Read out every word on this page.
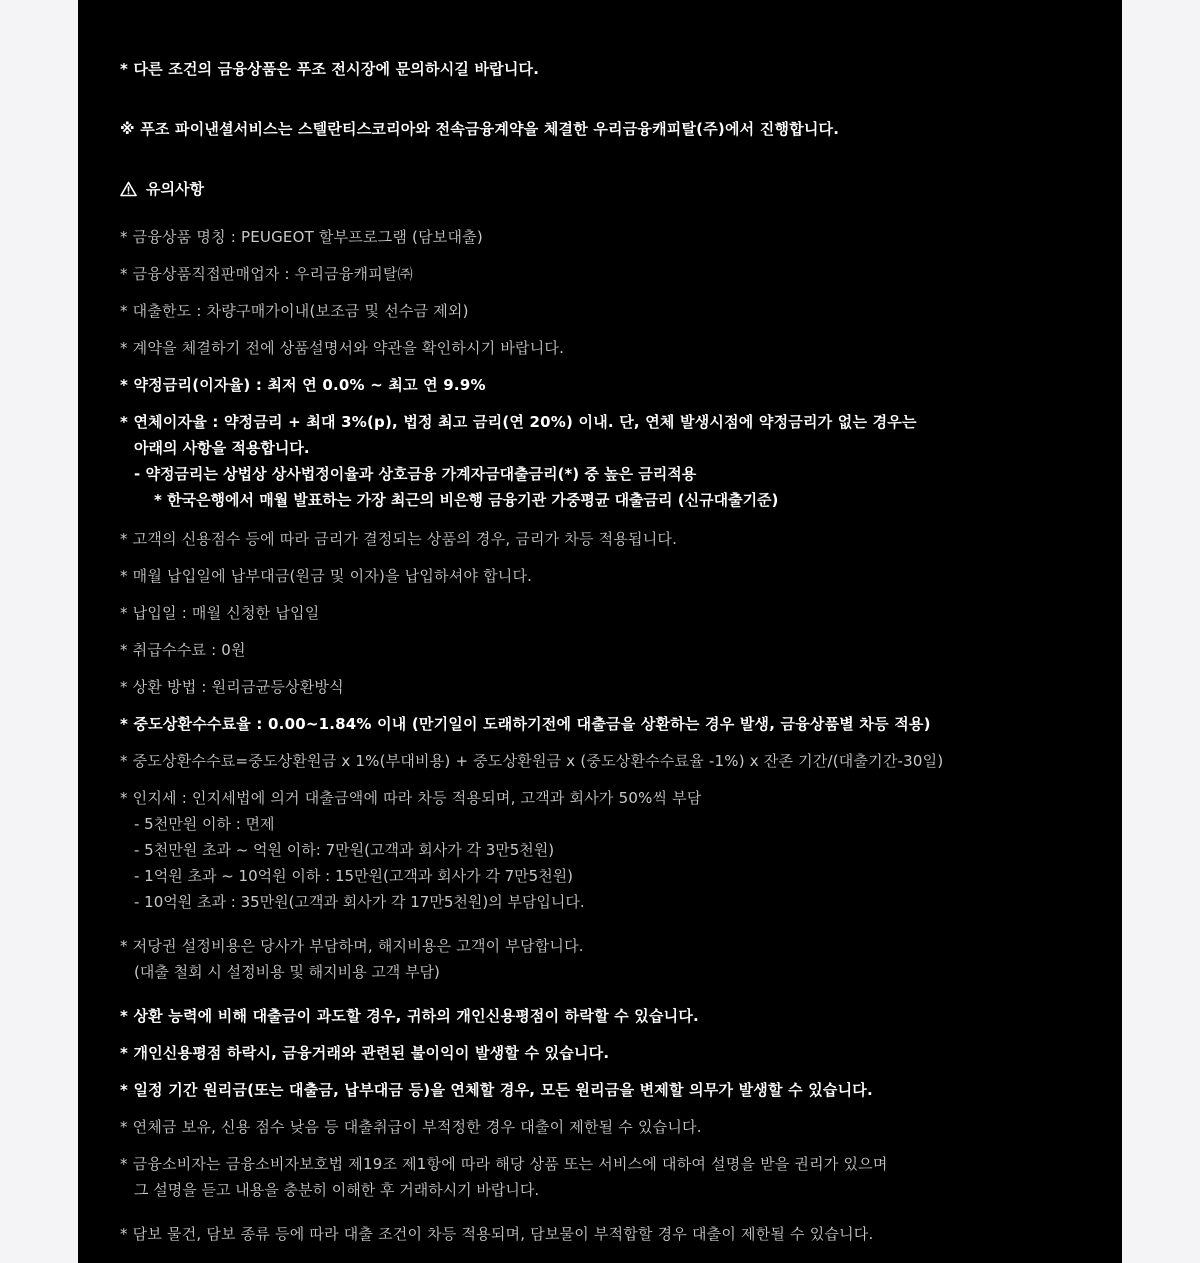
* 다른 조건의 금융상품은 푸조 전시장에 문의하시길 바랍니다.
※ 푸조 파이낸셜서비스는 스텔란티스코리아와 전속금융계약을 체결한 우리금융캐피탈(주)에서 진행합니다.
유의사항
* 금융상품 명칭 : PEUGEOT 할부프로그램 (담보대출)
* 금융상품직접판매업자 : 우리금융캐피탈㈜
* 대출한도 : 차량구매가이내(보조금 및 선수금 제외)
* 계약을 체결하기 전에 상품설명서와 약관을 확인하시기 바랍니다.
* 약정금리(이자율) : 최저 연 0.0% ~ 최고 연 9.9%
* 연체이자율 : 약정금리 + 최대 3%(p), 법정 최고 금리(연 20%) 이내. 단, 연체 발생시점에 약정금리가 없는 경우는
아래의 사항을 적용합니다.
- 약정금리는 상법상 상사법정이율과 상호금융 가계자금대출금리(*) 중 높은 금리적용
* 한국은행에서 매월 발표하는 가장 최근의 비은행 금융기관 가중평균 대출금리 (신규대출기준)
* 고객의 신용점수 등에 따라 금리가 결정되는 상품의 경우, 금리가 차등 적용됩니다.
* 매월 납입일에 납부대금(원금 및 이자)을 납입하셔야 합니다.
* 납입일 : 매월 신청한 납입일
* 취급수수료 : 0원
* 상환 방법 : 원리금균등상환방식
* 중도상환수수료율 : 0.00~1.84% 이내 (만기일이 도래하기전에 대출금을 상환하는 경우 발생, 금융상품별 차등 적용)
* 중도상환수수료=중도상환원금 x 1%(부대비용) + 중도상환원금 x (중도상환수수료율 -1%) x 잔존 기간/(대출기간-30일)
* 인지세 : 인지세법에 의거 대출금액에 따라 차등 적용되며, 고객과 회사가 50%씩 부담
- 5천만원 이하 : 면제
- 5천만원 초과 ~ 억원 이하: 7만원(고객과 회사가 각 3만5천원)
- 1억원 초과 ~ 10억원 이하 : 15만원(고객과 회사가 각 7만5천원)
- 10억원 초과 : 35만원(고객과 회사가 각 17만5천원)의 부담입니다.
* 저당권 설정비용은 당사가 부담하며, 해지비용은 고객이 부담합니다.
(대출 철회 시 설정비용 및 해지비용 고객 부담)
* 상환 능력에 비해 대출금이 과도할 경우, 귀하의 개인신용평점이 하락할 수 있습니다.
* 개인신용평점 하락시, 금융거래와 관련된 불이익이 발생할 수 있습니다.
* 일정 기간 원리금(또는 대출금, 납부대금 등)을 연체할 경우, 모든 원리금을 변제할 의무가 발생할 수 있습니다.
* 연체금 보유, 신용 점수 낮음 등 대출취급이 부적정한 경우 대출이 제한될 수 있습니다.
* 금융소비자는 금융소비자보호법 제19조 제1항에 따라 해당 상품 또는 서비스에 대하여 설명을 받을 권리가 있으며
그 설명을 듣고 내용을 충분히 이해한 후 거래하시기 바랍니다.
* 담보 물건, 담보 종류 등에 따라 대출 조건이 차등 적용되며, 담보물이 부적합할 경우 대출이 제한될 수 있습니다.
